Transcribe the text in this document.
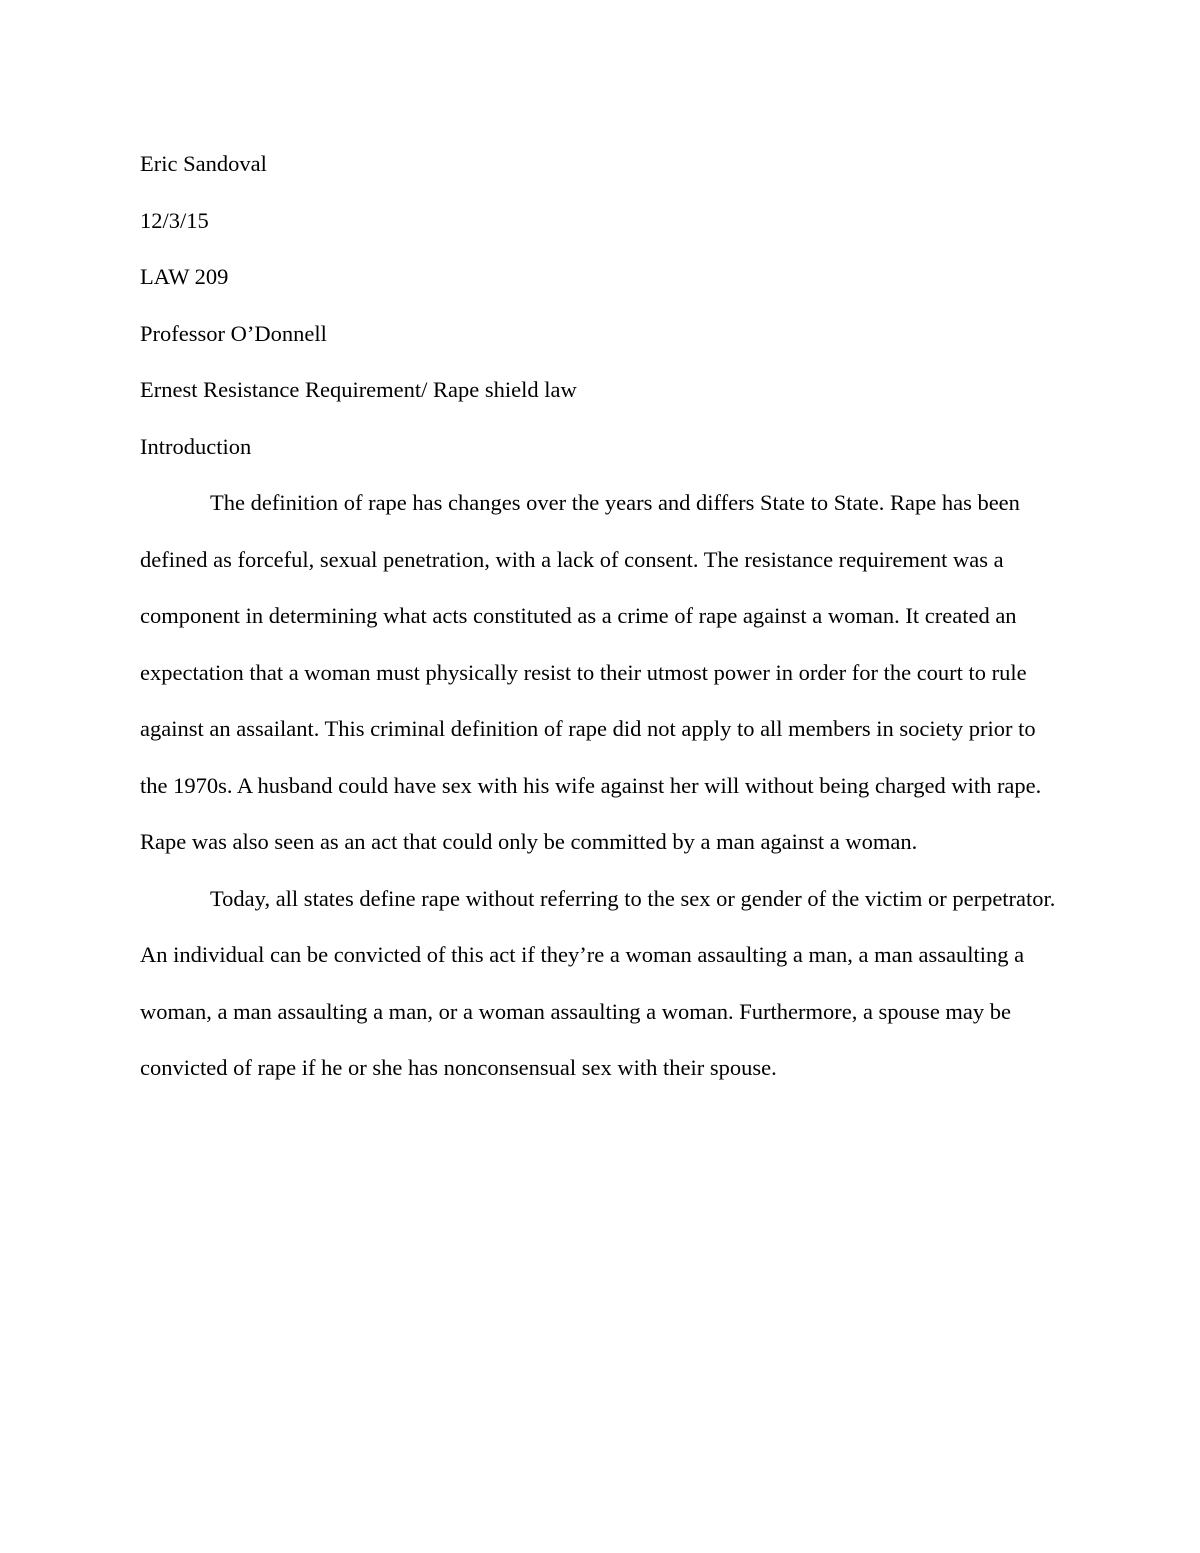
Eric Sandoval

12/3/15

LAW 209

Professor O’Donnell

Ernest Resistance Requirement/ Rape shield law

Introduction

The definition of rape has changes over the years and differs State to State. Rape has been defined as forceful, sexual penetration, with a lack of consent. The resistance requirement was a component in determining what acts constituted as a crime of rape against a woman. It created an expectation that a woman must physically resist to their utmost power in order for the court to rule against an assailant. This criminal definition of rape did not apply to all members in society prior to the 1970s. A husband could have sex with his wife against her will without being charged with rape. Rape was also seen as an act that could only be committed by a man against a woman.

Today, all states define rape without referring to the sex or gender of the victim or perpetrator. An individual can be convicted of this act if they’re a woman assaulting a man, a man assaulting a woman, a man assaulting a man, or a woman assaulting a woman. Furthermore, a spouse may be convicted of rape if he or she has nonconsensual sex with their spouse.
